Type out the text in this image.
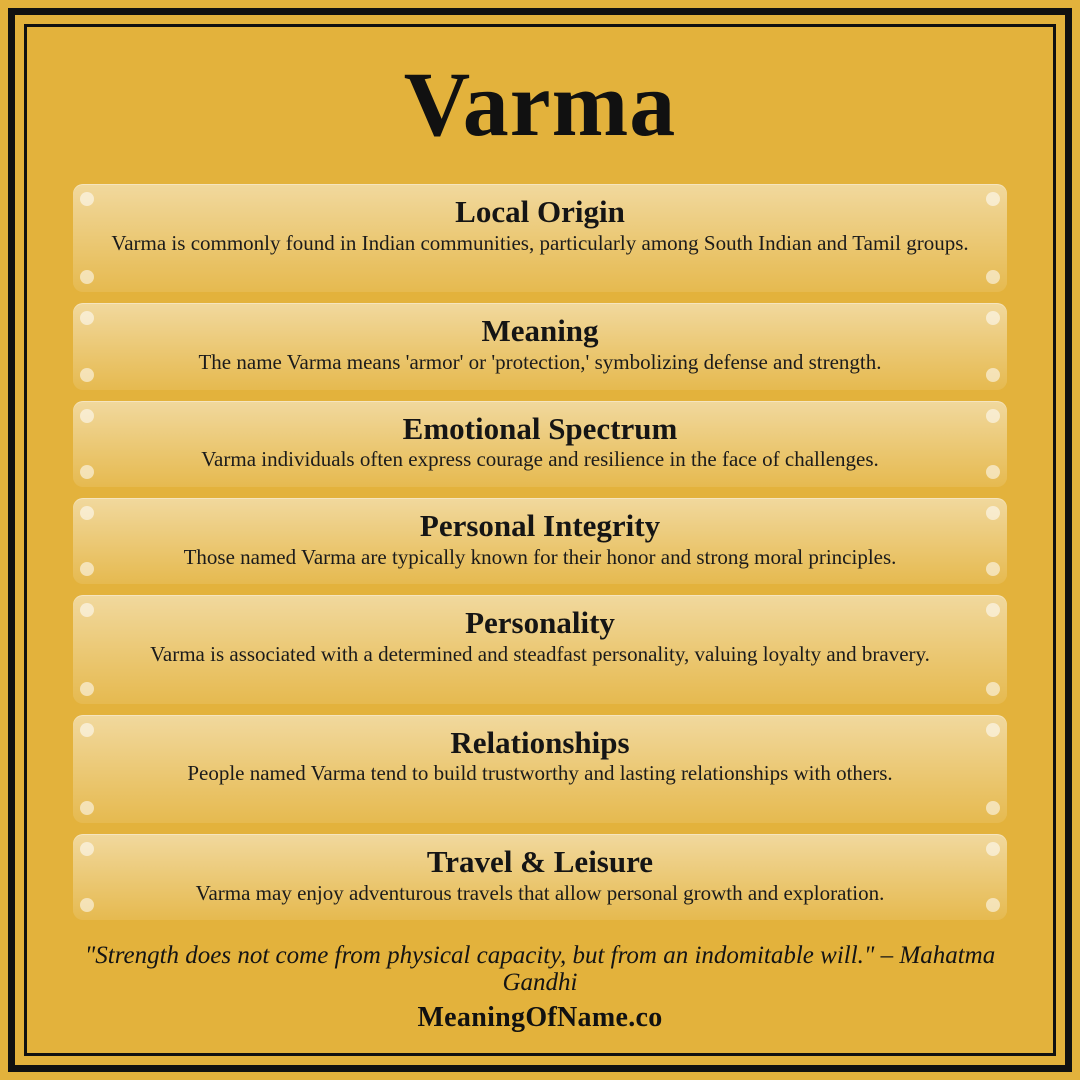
Varma
Local Origin

Varma is commonly found in Indian communities, particularly among South Indian and Tamil groups.

Meaning

The name Varma means 'armor' or 'protection,' symbolizing defense and strength.

Emotional Spectrum

Varma individuals often express courage and resilience in the face of challenges.

Personal Integrity

Those named Varma are typically known for their honor and strong moral principles.

Personality

Varma is associated with a determined and steadfast personality, valuing loyalty and bravery.

Relationships

People named Varma tend to build trustworthy and lasting relationships with others.

Travel & Leisure

Varma may enjoy adventurous travels that allow personal growth and exploration.

"Strength does not come from physical capacity, but from an indomitable will." – Mahatma Gandhi

MeaningOfName.co
